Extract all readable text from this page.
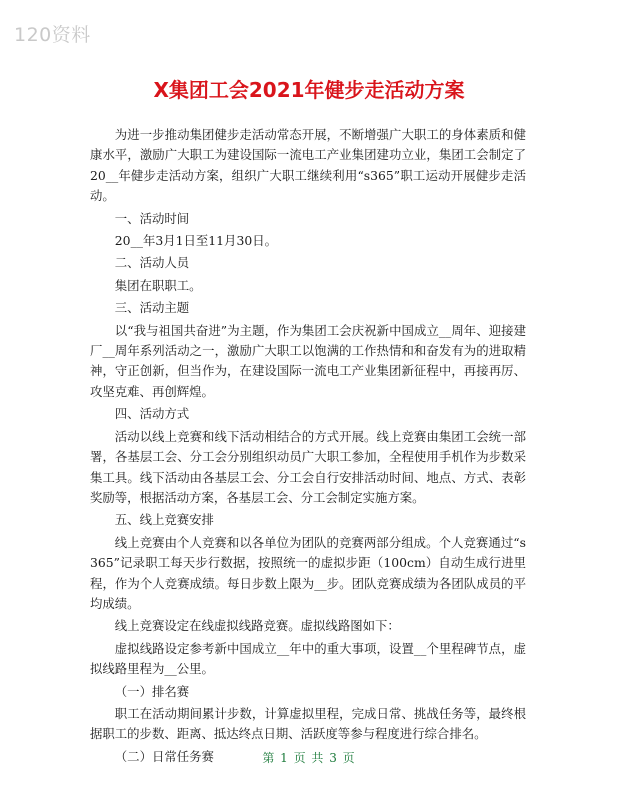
120资料
X集团工会2021年健步走活动方案

为进一步推动集团健步走活动常态开展，不断增强广大职工的身体素质和健康水平，激励广大职工为建设国际一流电工产业集团建功立业，集团工会制定了20__年健步走活动方案，组织广大职工继续利用“s365”职工运动开展健步走活动。

一、活动时间

20__年3月1日至11月30日。

二、活动人员

集团在职职工。

三、活动主题

以“我与祖国共奋进”为主题，作为集团工会庆祝新中国成立__周年、迎接建厂__周年系列活动之一，激励广大职工以饱满的工作热情和和奋发有为的进取精神，守正创新，但当作为，在建设国际一流电工产业集团新征程中，再接再厉、攻坚克难、再创辉煌。

四、活动方式

活动以线上竞赛和线下活动相结合的方式开展。线上竞赛由集团工会统一部署，各基层工会、分工会分别组织动员广大职工参加，全程使用手机作为步数采集工具。线下活动由各基层工会、分工会自行安排活动时间、地点、方式、表彰奖励等，根据活动方案，各基层工会、分工会制定实施方案。

五、线上竞赛安排

线上竞赛由个人竞赛和以各单位为团队的竞赛两部分组成。个人竞赛通过“s365”记录职工每天步行数据，按照统一的虚拟步距（100cm）自动生成行进里程，作为个人竞赛成绩。每日步数上限为__步。团队竞赛成绩为各团队成员的平均成绩。

线上竞赛设定在线虚拟线路竞赛。虚拟线路图如下：

虚拟线路设定参考新中国成立__年中的重大事项，设置__个里程碑节点，虚拟线路里程为__公里。

（一）排名赛

职工在活动期间累计步数，计算虚拟里程，完成日常、挑战任务等，最终根据职工的步数、距离、抵达终点日期、活跃度等参与程度进行综合排名。

（二）日常任务赛	第 1 页 共 3 页
